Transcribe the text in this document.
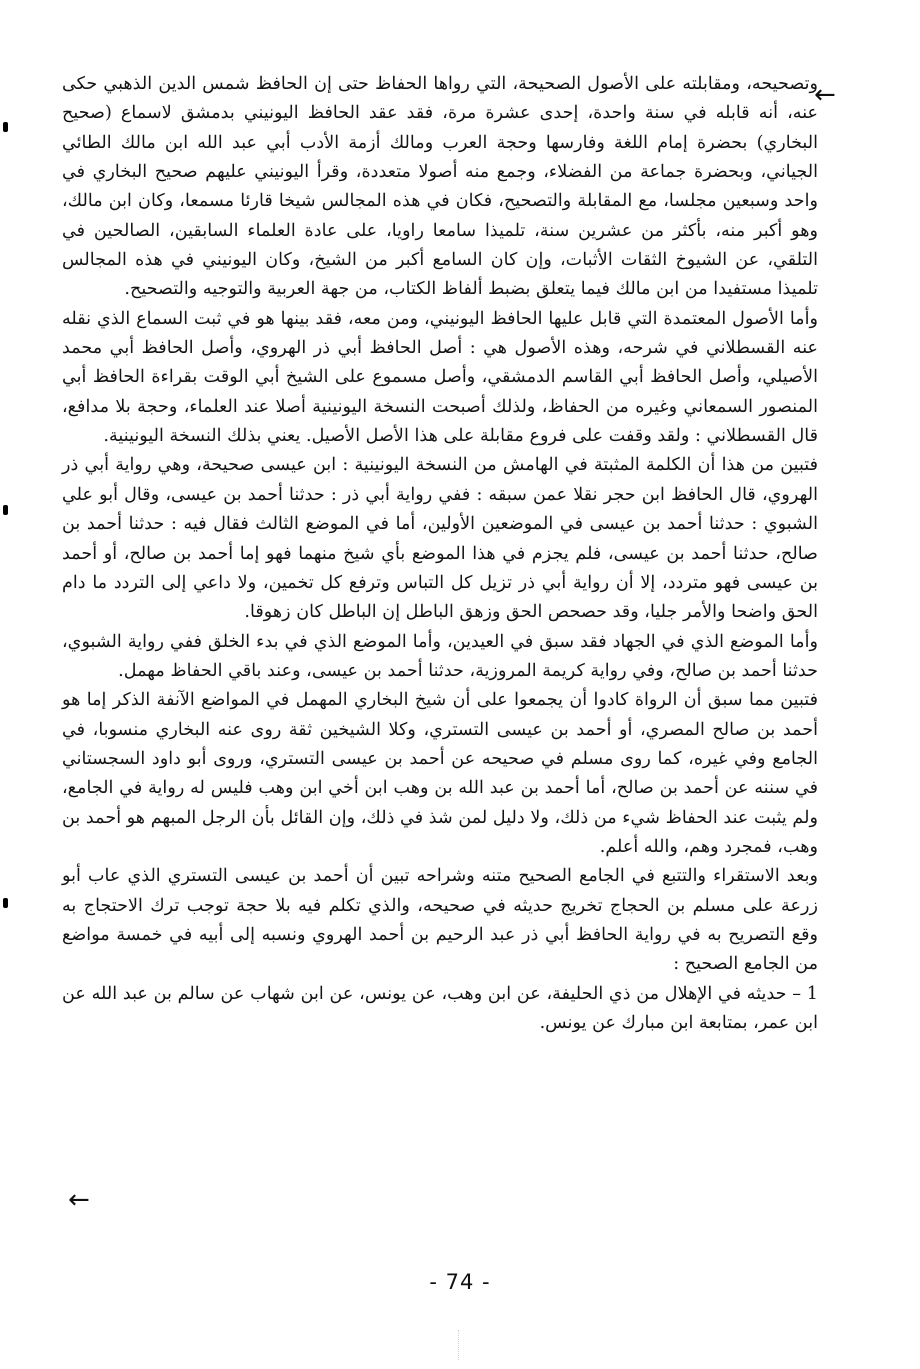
←

وتصحيحه، ومقابلته على الأصول الصحيحة، التي رواها الحفاظ حتى إن الحافظ شمس الدين الذهبي حكى عنه، أنه قابله في سنة واحدة، إحدى عشرة مرة، فقد عقد الحافظ اليونيني بدمشق لاسماع (صحيح البخاري) بحضرة إمام اللغة وفارسها وحجة العرب ومالك أزمة الأدب أبي عبد الله ابن مالك الطائي الجياني، وبحضرة جماعة من الفضلاء، وجمع منه أصولا متعددة، وقرأ اليونيني عليهم صحيح البخاري في واحد وسبعين مجلسا، مع المقابلة والتصحيح، فكان في هذه المجالس شيخا قارئا مسمعا، وكان ابن مالك، وهو أكبر منه، بأكثر من عشرين سنة، تلميذا سامعا راويا، على عادة العلماء السابقين، الصالحين في التلقي، عن الشيوخ الثقات الأثبات، وإن كان السامع أكبر من الشيخ، وكان اليونيني في هذه المجالس تلميذا مستفيدا من ابن مالك فيما يتعلق بضبط ألفاظ الكتاب، من جهة العربية والتوجيه والتصحيح.

وأما الأصول المعتمدة التي قابل عليها الحافظ اليونيني، ومن معه، فقد بينها هو في ثبت السماع الذي نقله عنه القسطلاني في شرحه، وهذه الأصول هي : أصل الحافظ أبي ذر الهروي، وأصل الحافظ أبي محمد الأصيلي، وأصل الحافظ أبي القاسم الدمشقي، وأصل مسموع على الشيخ أبي الوقت بقراءة الحافظ أبي المنصور السمعاني وغيره من الحفاظ، ولذلك أصبحت النسخة اليونينية أصلا عند العلماء، وحجة بلا مدافع، قال القسطلاني : ولقد وقفت على فروع مقابلة على هذا الأصل الأصيل. يعني بذلك النسخة اليونينية.

فتبين من هذا أن الكلمة المثبتة في الهامش من النسخة اليونينية : ابن عيسى صحيحة، وهي رواية أبي ذر الهروي، قال الحافظ ابن حجر نقلا عمن سبقه : ففي رواية أبي ذر : حدثنا أحمد بن عيسى، وقال أبو علي الشبوي : حدثنا أحمد بن عيسى في الموضعين الأولين، أما في الموضع الثالث فقال فيه : حدثنا أحمد بن صالح، حدثنا أحمد بن عيسى، فلم يجزم في هذا الموضع بأي شيخ منهما فهو إما أحمد بن صالح، أو أحمد بن عيسى فهو متردد، إلا أن رواية أبي ذر تزيل كل التباس وترفع كل تخمين، ولا داعي إلى التردد ما دام الحق واضحا والأمر جليا، وقد حصحص الحق وزهق الباطل إن الباطل كان زهوقا.

وأما الموضع الذي في الجهاد فقد سبق في العيدين، وأما الموضع الذي في بدء الخلق ففي رواية الشبوي، حدثنا أحمد بن صالح، وفي رواية كريمة المروزية، حدثنا أحمد بن عيسى، وعند باقي الحفاظ مهمل.

فتبين مما سبق أن الرواة كادوا أن يجمعوا على أن شيخ البخاري المهمل في المواضع الآنفة الذكر إما هو أحمد بن صالح المصري، أو أحمد بن عيسى التستري، وكلا الشيخين ثقة روى عنه البخاري منسوبا، في الجامع وفي غيره، كما روى مسلم في صحيحه عن أحمد بن عيسى التستري، وروى أبو داود السجستاني في سننه عن أحمد بن صالح، أما أحمد بن عبد الله بن وهب ابن أخي ابن وهب فليس له رواية في الجامع، ولم يثبت عند الحفاظ شيء من ذلك، ولا دليل لمن شذ في ذلك، وإن القائل بأن الرجل المبهم هو أحمد بن وهب، فمجرد وهم، والله أعلم.

وبعد الاستقراء والتتبع في الجامع الصحيح متنه وشراحه تبين أن أحمد بن عيسى التستري الذي عاب أبو زرعة على مسلم بن الحجاج تخريج حديثه في صحيحه، والذي تكلم فيه بلا حجة توجب ترك الاحتجاج به وقع التصريح به في رواية الحافظ أبي ذر عبد الرحيم بن أحمد الهروي ونسبه إلى أبيه في خمسة مواضع من الجامع الصحيح :

1 – حديثه في الإهلال من ذي الحليفة، عن ابن وهب، عن يونس، عن ابن شهاب عن سالم بن عبد الله عن ابن عمر، بمتابعة ابن مبارك عن يونس.

←
- 74 -
